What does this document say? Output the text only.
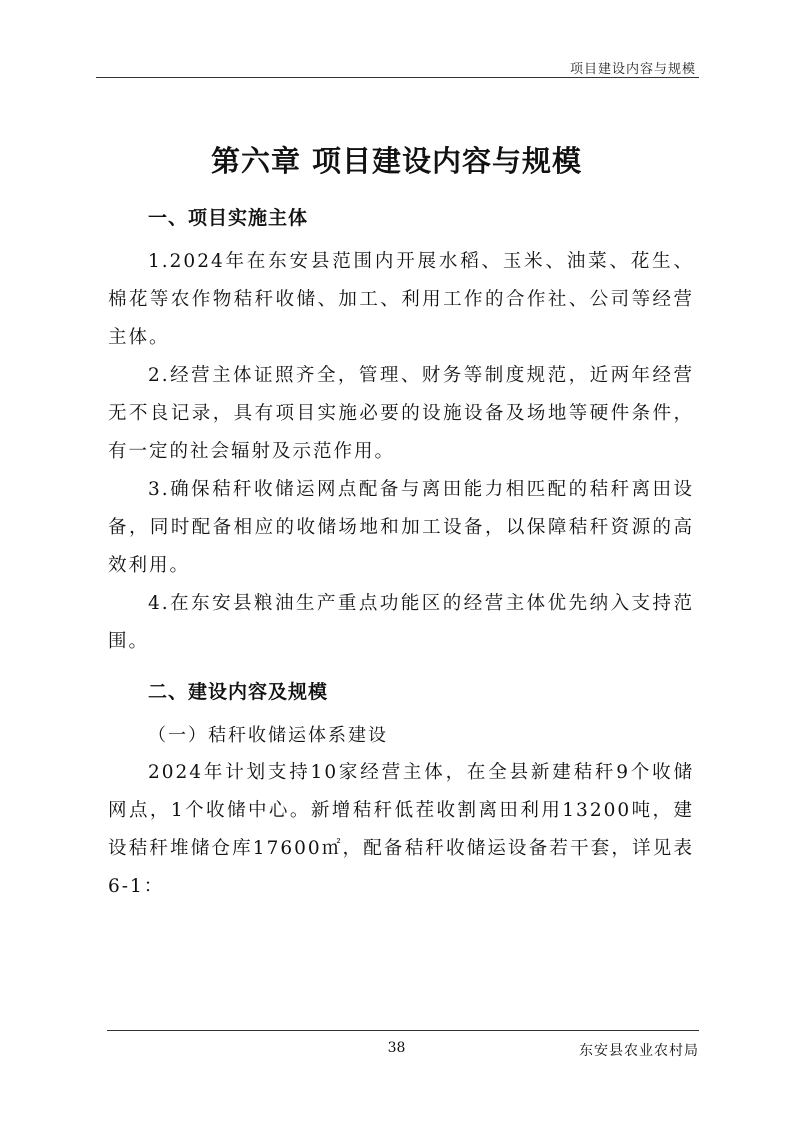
项目建设内容与规模
第六章 项目建设内容与规模
一、项目实施主体

1.2024年在东安县范围内开展水稻、玉米、油菜、花生、棉花等农作物秸秆收储、加工、利用工作的合作社、公司等经营主体。

2.经营主体证照齐全，管理、财务等制度规范，近两年经营无不良记录，具有项目实施必要的设施设备及场地等硬件条件，有一定的社会辐射及示范作用。

3.确保秸秆收储运网点配备与离田能力相匹配的秸秆离田设备，同时配备相应的收储场地和加工设备，以保障秸秆资源的高效利用。

4.在东安县粮油生产重点功能区的经营主体优先纳入支持范围。

二、建设内容及规模
（一）秸秆收储运体系建设

2024年计划支持10家经营主体，在全县新建秸秆9个收储网点，1个收储中心。新增秸秆低茬收割离田利用13200吨，建设秸秆堆储仓库17600㎡，配备秸秆收储运设备若干套，详见表6-1：

38	东安县农业农村局
